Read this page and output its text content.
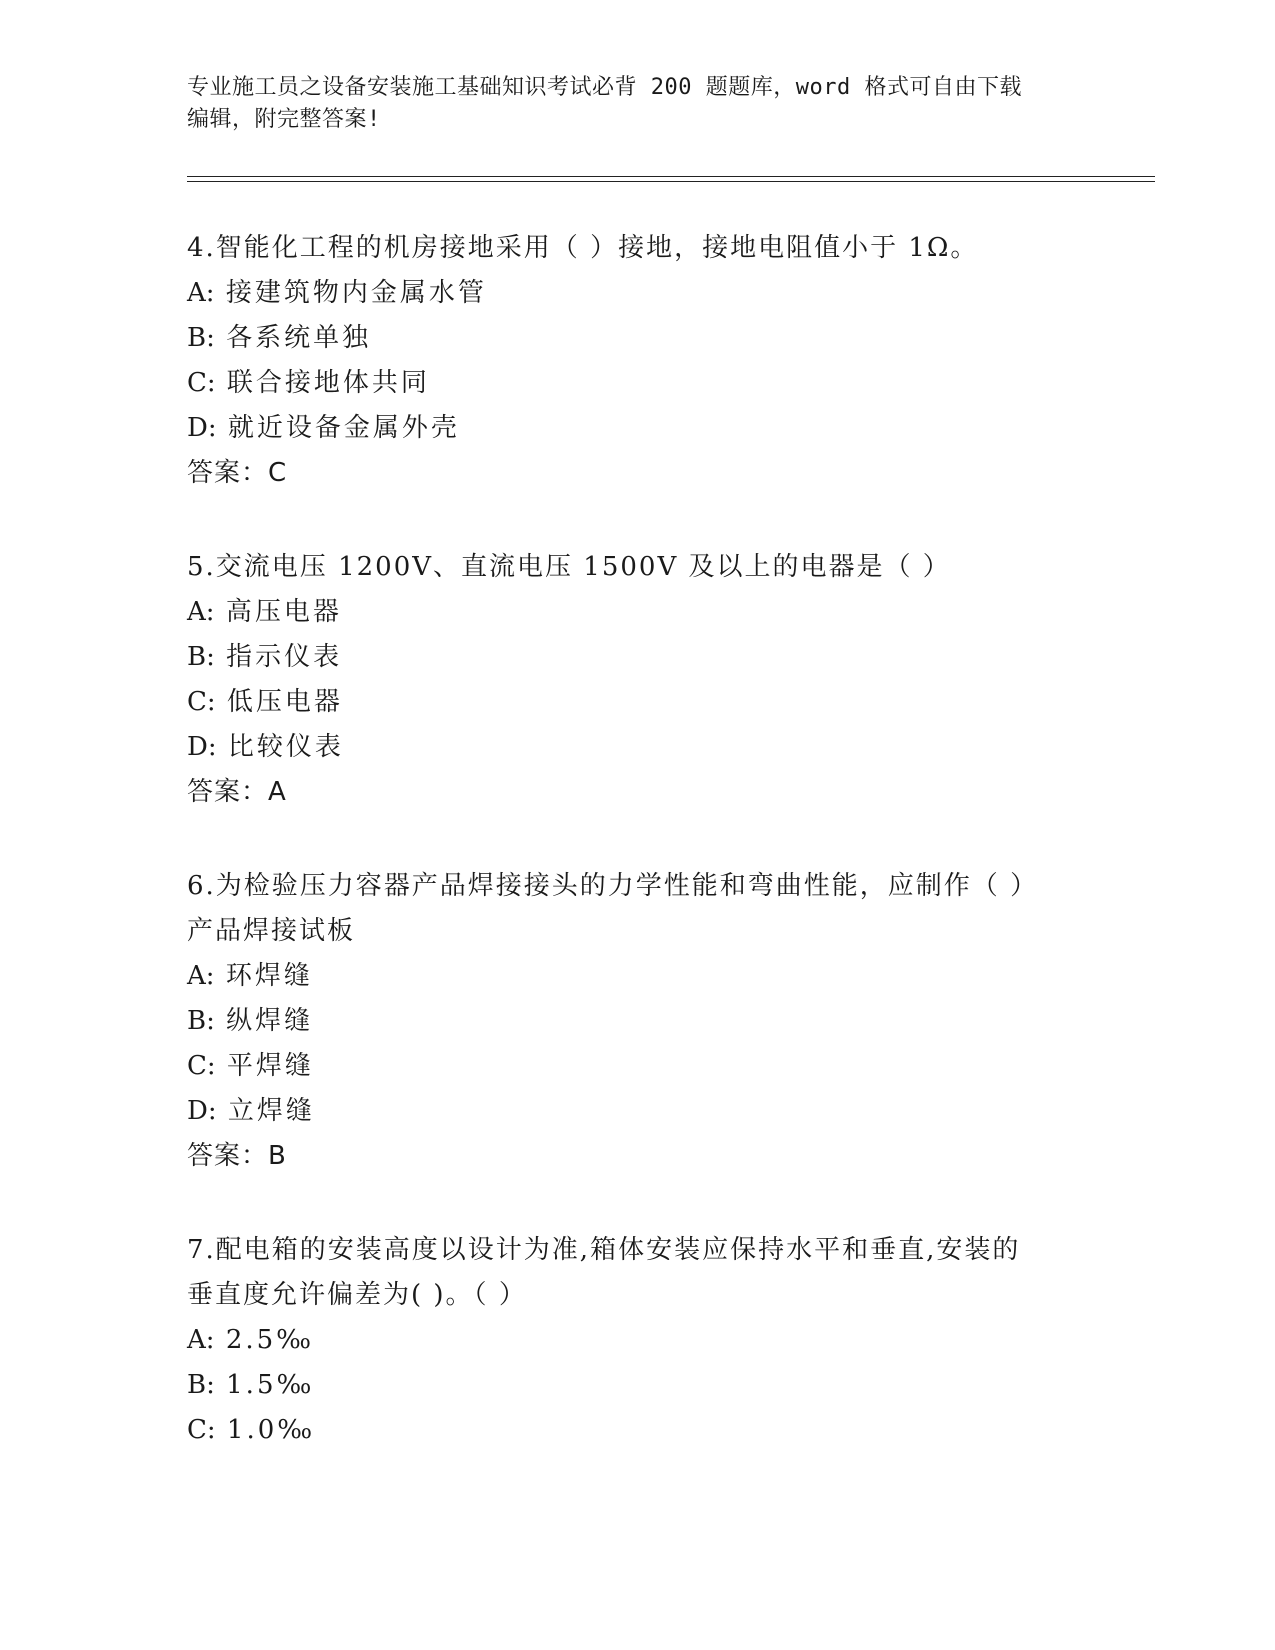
专业施工员之设备安装施工基础知识考试必背 200 题题库，word 格式可自由下载
编辑，附完整答案!
4.智能化工程的机房接地采用（ ）接地，接地电阻值小于 1Ω。
A: 接建筑物内金属水管
B: 各系统单独
C: 联合接地体共同
D: 就近设备金属外壳
答案：C
5.交流电压 1200V、直流电压 1500V 及以上的电器是（ ）
A: 高压电器
B: 指示仪表
C: 低压电器
D: 比较仪表
答案：A
6.为检验压力容器产品焊接接头的力学性能和弯曲性能，应制作（ ）
产品焊接试板
A: 环焊缝
B: 纵焊缝
C: 平焊缝
D: 立焊缝
答案：B
7.配电箱的安装高度以设计为准,箱体安装应保持水平和垂直,安装的
垂直度允许偏差为( )。（ ）
A: 2.5‰
B: 1.5‰
C: 1.0‰
